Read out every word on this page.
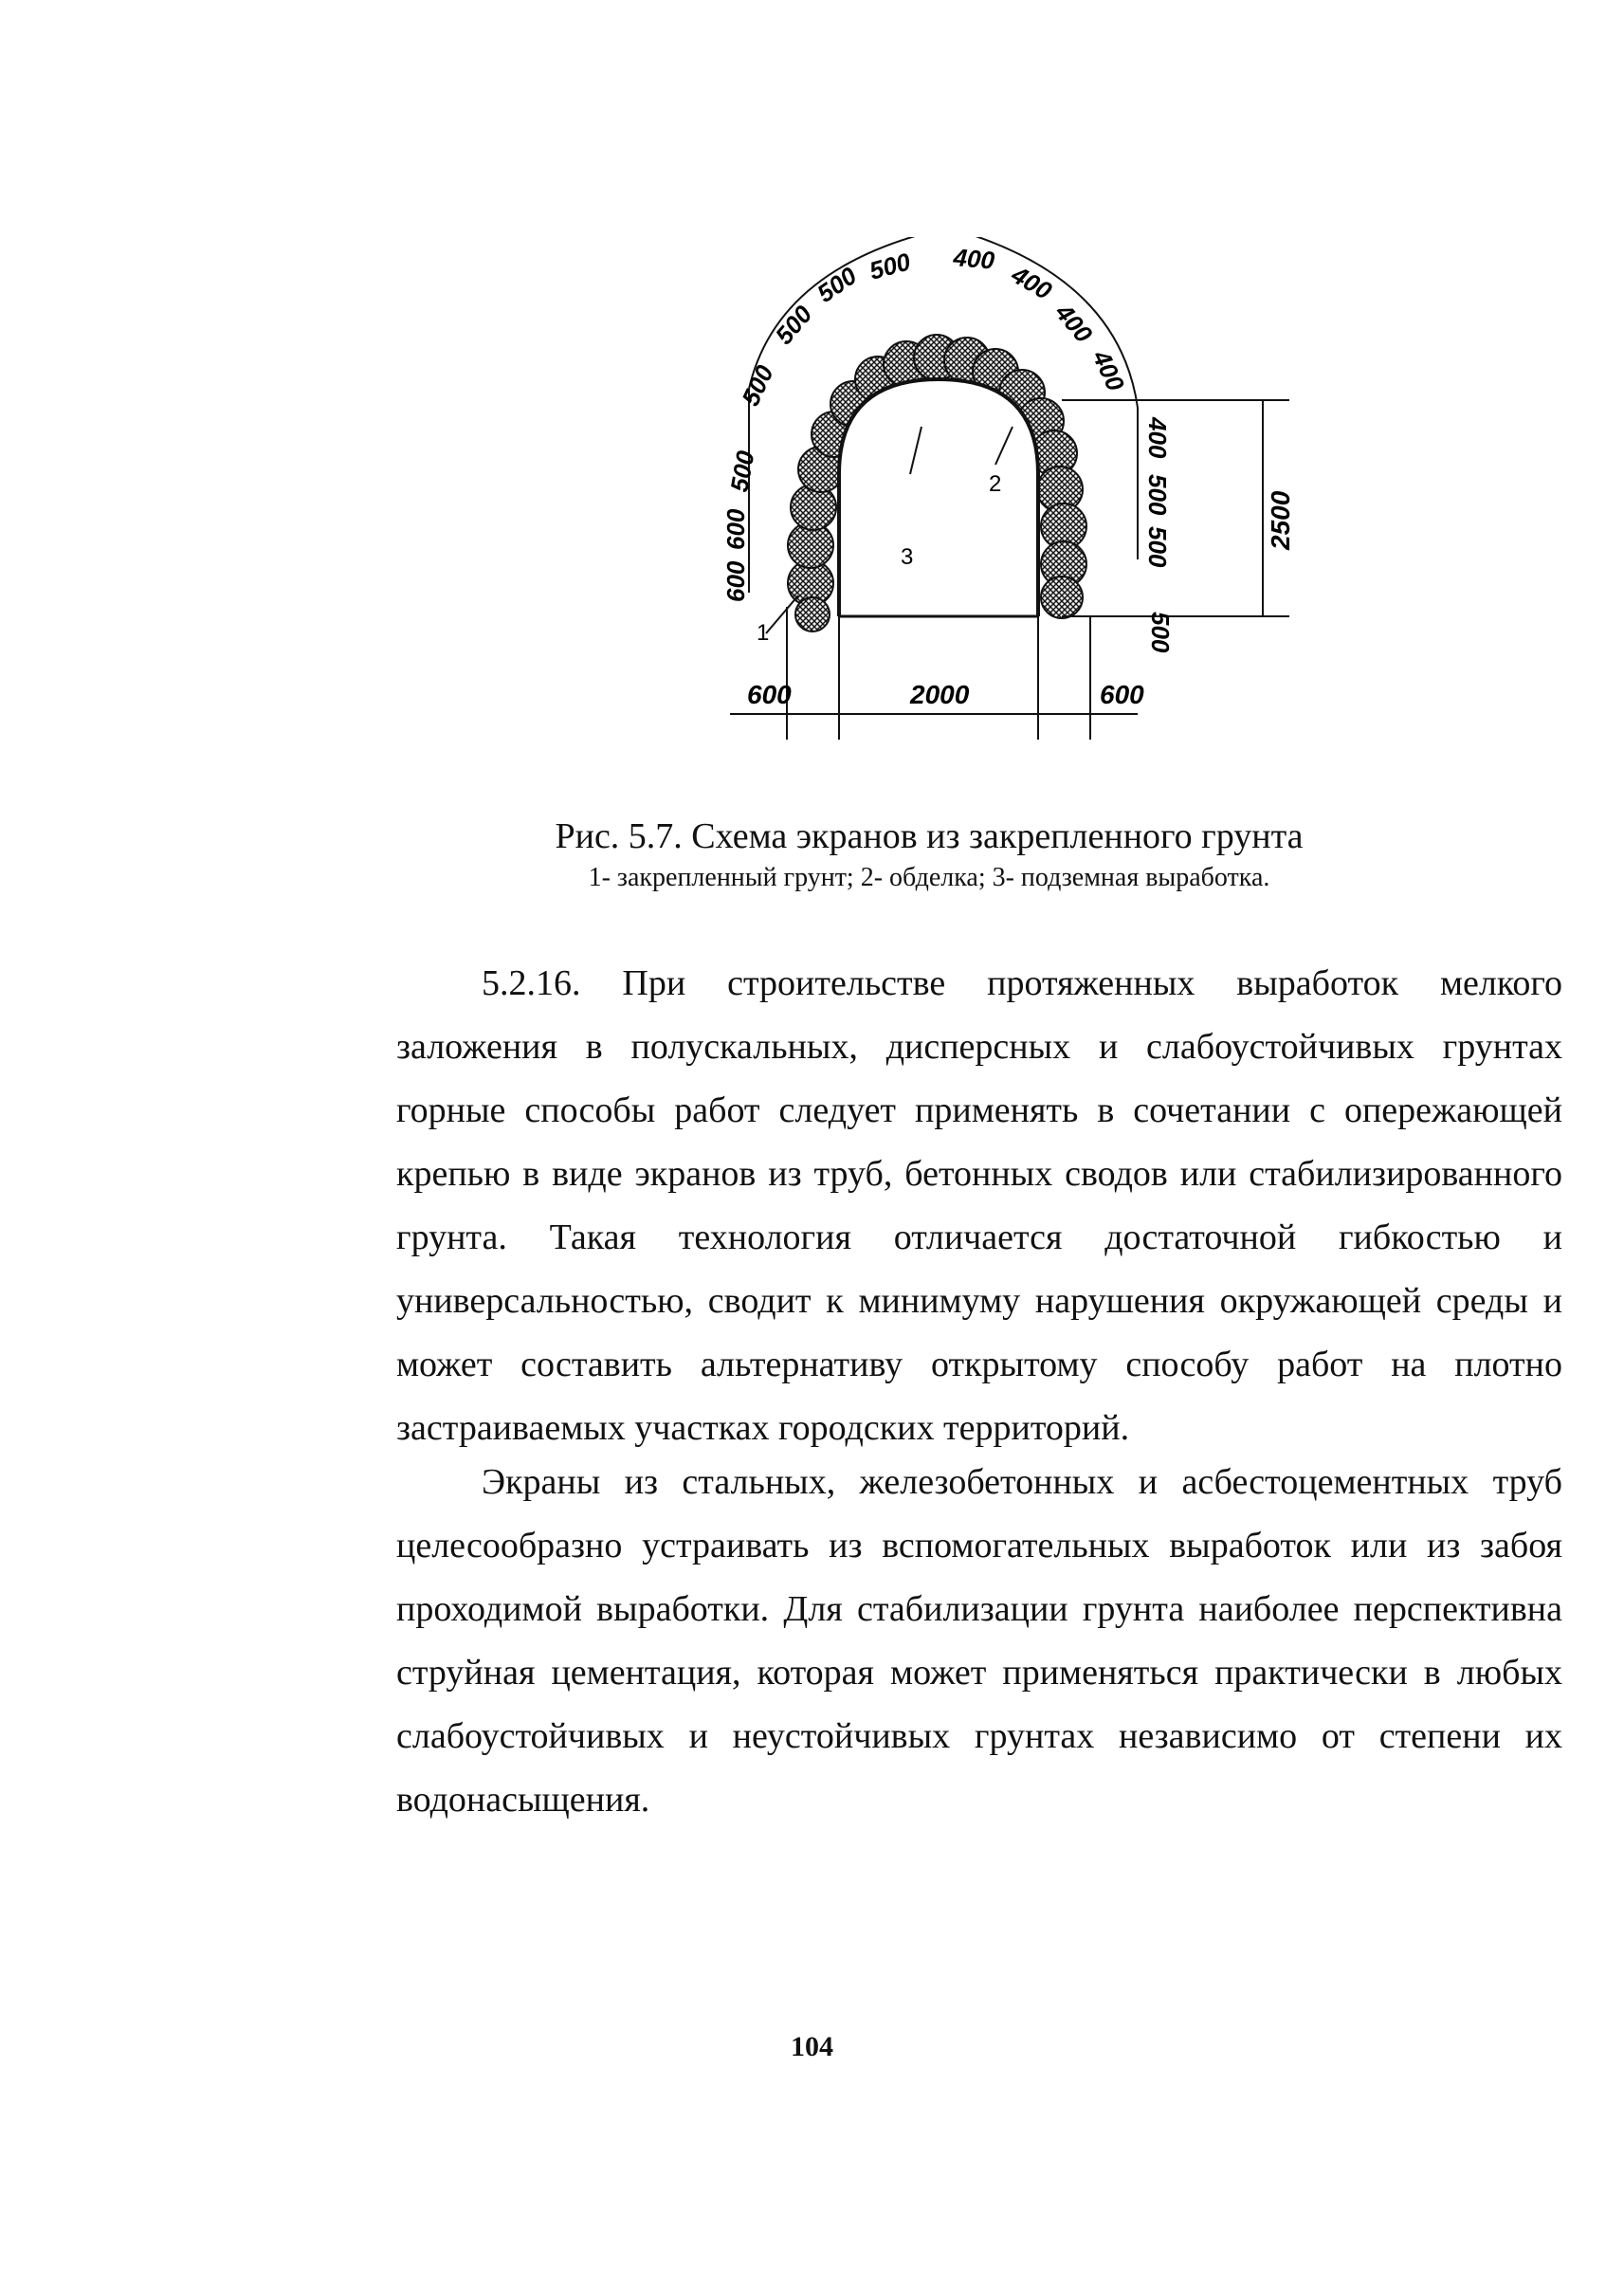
600	2000	600
2500
600
600
500
500
500
500 500 400
400
400
400
400
500
500
500
1
2
3
Рис. 5.7. Схема экранов из закрепленного грунта
1- закрепленный грунт; 2- обделка; 3- подземная выработка.

5.2.16. При строительстве протяженных выработок мелкого заложения в полускальных, дисперсных и слабоустойчивых грунтах горные способы работ следует применять в сочетании с опережающей крепью в виде экранов из труб, бетонных сводов или стабилизированного грунта. Такая технология отличается достаточной гибкостью и универсальностью, сводит к минимуму нарушения окружающей среды и может составить альтернативу открытому способу работ на плотно застраиваемых участках городских территорий.

Экраны из стальных, железобетонных и асбестоцементных труб целесообразно устраивать из вспомогательных выработок или из забоя проходимой выработки. Для стабилизации грунта наиболее перспективна струйная цементация, которая может применяться практически в любых слабоустойчивых и неустойчивых грунтах независимо от степени их водонасыщения.

104
